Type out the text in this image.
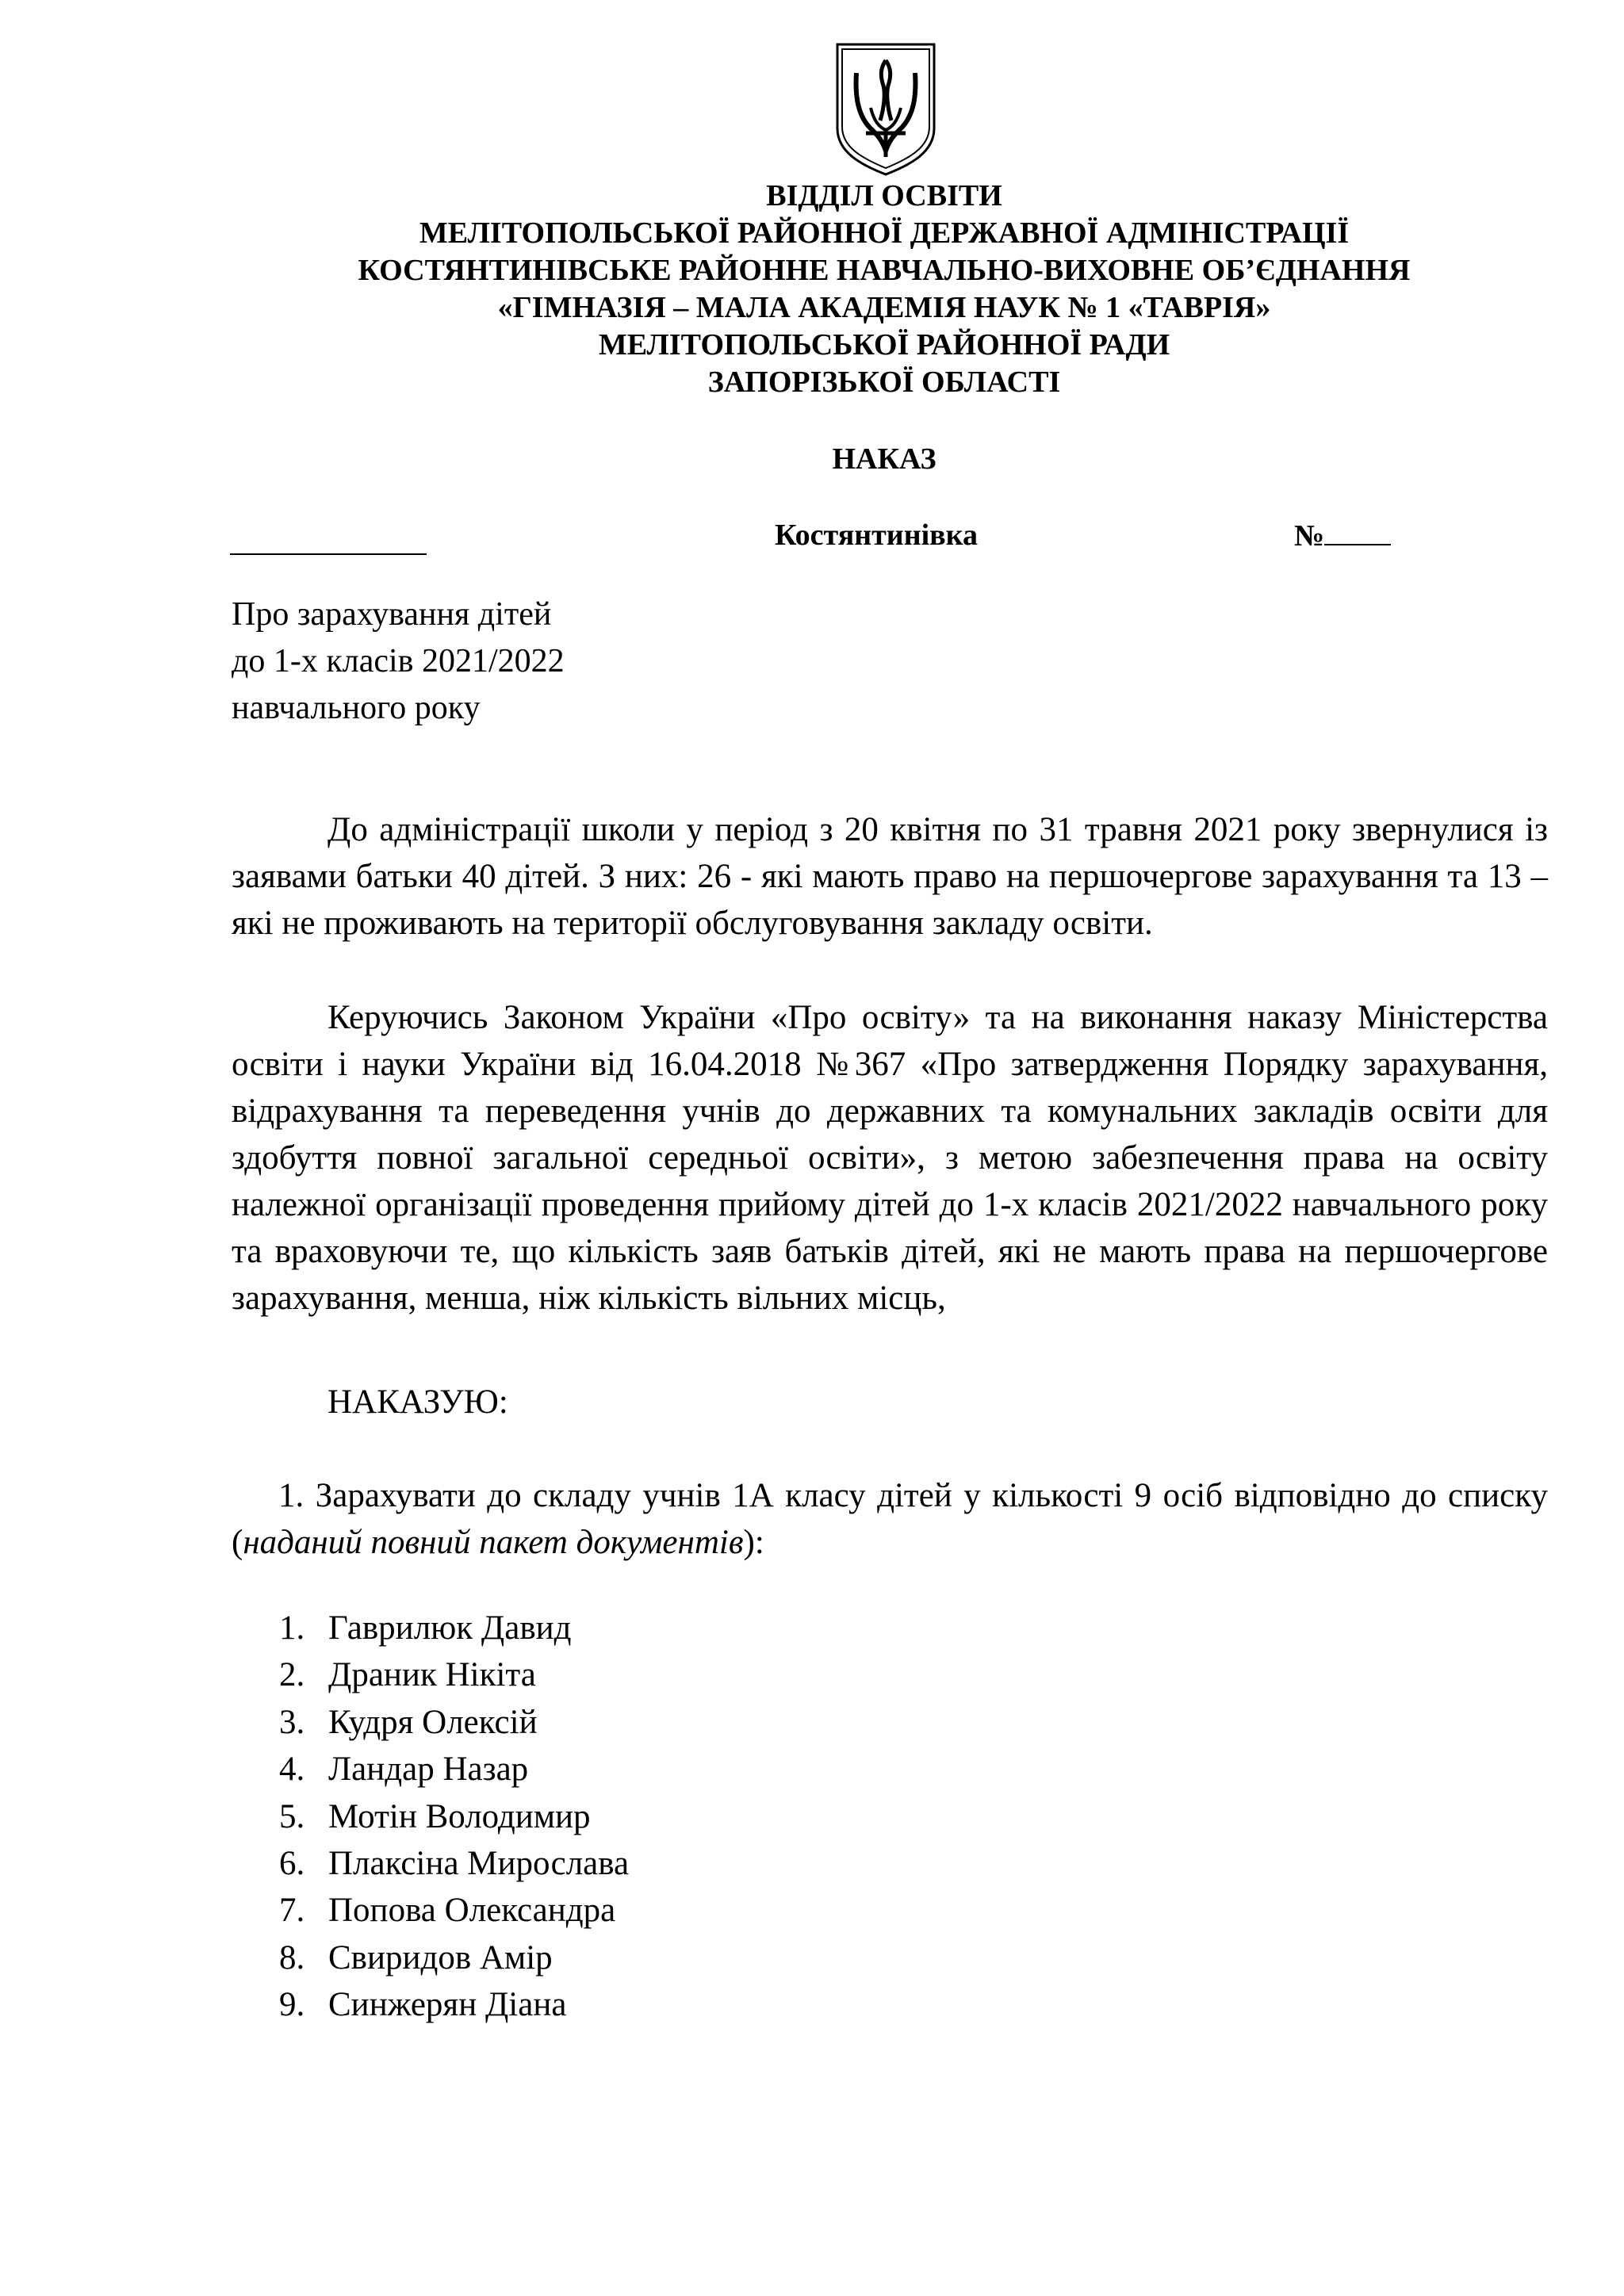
ВІДДІЛ ОСВІТИ
МЕЛІТОПОЛЬСЬКОЇ РАЙОННОЇ ДЕРЖАВНОЇ АДМІНІСТРАЦІЇ
КОСТЯНТИНІВСЬКЕ РАЙОННЕ НАВЧАЛЬНО-ВИХОВНЕ ОБ’ЄДНАННЯ
«ГІМНАЗІЯ – МАЛА АКАДЕМІЯ НАУК № 1 «ТАВРІЯ»
МЕЛІТОПОЛЬСЬКОЇ РАЙОННОЇ РАДИ
ЗАПОРІЗЬКОЇ ОБЛАСТІ
НАКАЗ
Костянтинівка	№
Про зарахування дітей
до 1-х класів 2021/2022
навчального року
До адміністрації школи у період з 20 квітня по 31 травня 2021 року звернулися із заявами батьки 40 дітей. З них: 26 - які мають право на першочергове зарахування та 13 – які не проживають на території обслуговування закладу освіти.
Керуючись Законом України «Про освіту» та на виконання наказу Міністерства освіти і науки України від 16.04.2018 №367 «Про затвердження Порядку зарахування, відрахування та переведення учнів до державних та комунальних закладів освіти для здобуття повної загальної середньої освіти», з метою забезпечення права на освіту належної організації проведення прийому дітей до 1-х класів 2021/2022 навчального року та враховуючи те, що кількість заяв батьків дітей, які не мають права на першочергове зарахування, менша, ніж кількість вільних місць,
НАКАЗУЮ:
1. Зарахувати до складу учнів 1А класу дітей у кількості 9 осіб відповідно до списку (наданий повний пакет документів):
1. Гаврилюк Давид
2. Драник Нікіта
3. Кудря Олексій
4. Ландар Назар
5. Мотін Володимир
6. Плаксіна Мирослава
7. Попова Олександра
8. Свиридов Амір
9. Синжерян Діана
